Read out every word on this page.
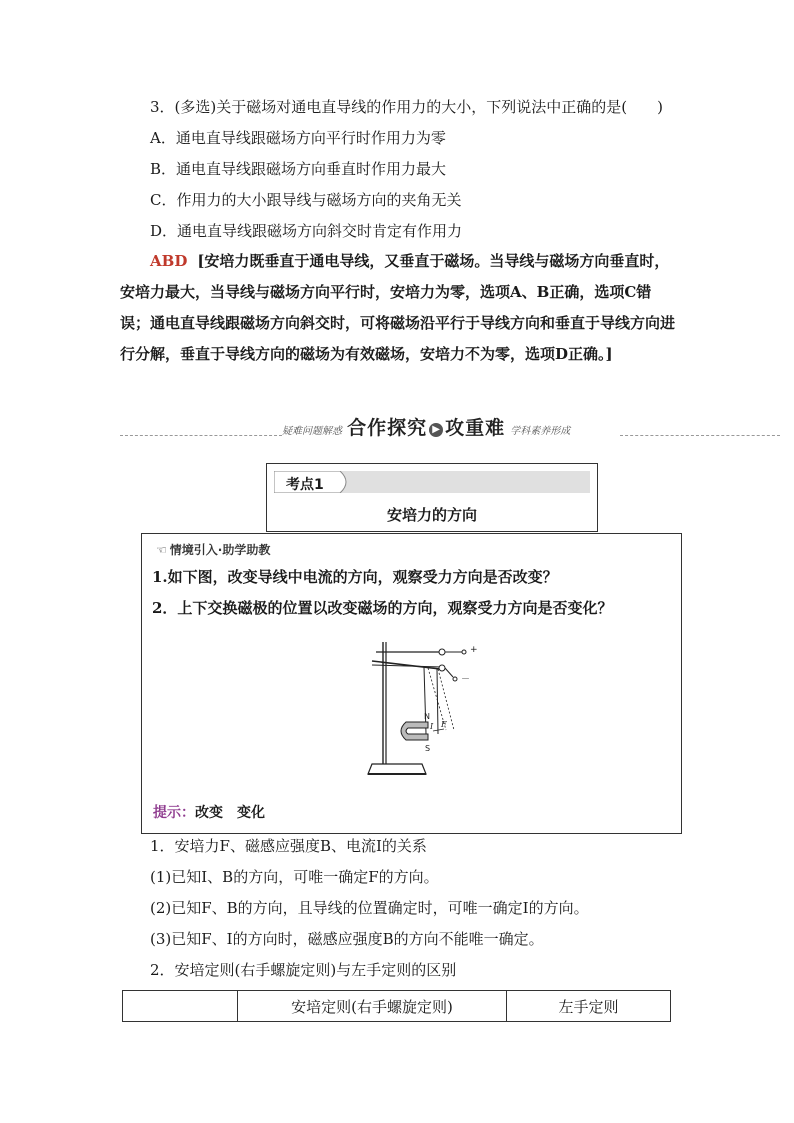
3．(多选)关于磁场对通电直导线的作用力的大小，下列说法中正确的是(　　)
A．通电直导线跟磁场方向平行时作用力为零
B．通电直导线跟磁场方向垂直时作用力最大
C．作用力的大小跟导线与磁场方向的夹角无关
D．通电直导线跟磁场方向斜交时肯定有作用力
ABD [安培力既垂直于通电导线，又垂直于磁场。当导线与磁场方向垂直时，安培力最大，当导线与磁场方向平行时，安培力为零，选项A、B正确，选项C错误；通电直导线跟磁场方向斜交时，可将磁场沿平行于导线方向和垂直于导线方向进行分解，垂直于导线方向的磁场为有效磁场，安培力不为零，选项D正确。]
疑难问题解惑 合作探究 ▶ 攻重难 学科素养形成
考点1
安培力的方向
☜ 情境引入·助学助教
1.如下图，改变导线中电流的方向，观察受力方向是否改变？
2．上下交换磁极的位置以改变磁场的方向，观察受力方向是否变化？
+
－
N
S
I F
提示：改变　变化
1．安培力F、磁感应强度B、电流I的关系
(1)已知I、B的方向，可唯一确定F的方向。
(2)已知F、B的方向，且导线的位置确定时，可唯一确定I的方向。
(3)已知F、I的方向时，磁感应强度B的方向不能唯一确定。
2．安培定则(右手螺旋定则)与左手定则的区别
	安培定则(右手螺旋定则)	左手定则
